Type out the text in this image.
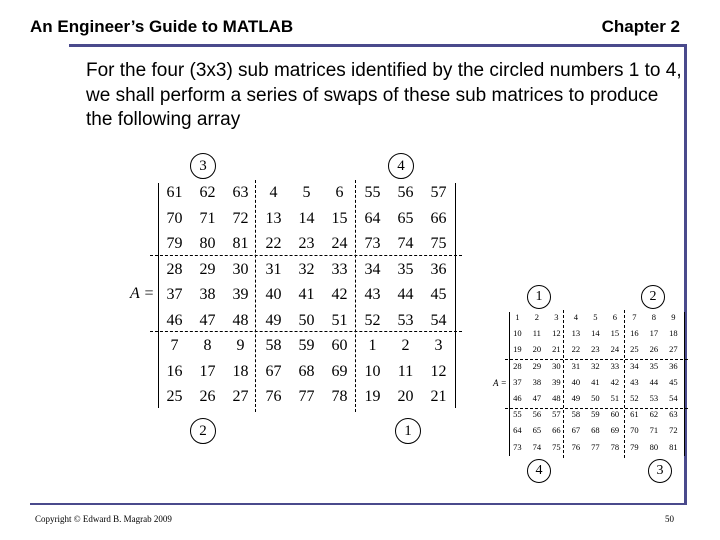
An Engineer’s Guide to MATLAB	Chapter 2
For the four (3x3) sub matrices identified by the circled numbers 1 to 4, we shall perform a series of swaps of these sub matrices to produce the following array
3	4
2	1
A =
61	62	63	4	5	6	55	56	57
70	71	72	13	14	15	64	65	66
79	80	81	22	23	24	73	74	75
28	29	30	31	32	33	34	35	36
37	38	39	40	41	42	43	44	45
46	47	48	49	50	51	52	53	54
7	8	9	58	59	60	1	2	3
16	17	18	67	68	69	10	11	12
25	26	27	76	77	78	19	20	21
1	2
4	3
A =
1	2	3	4	5	6	7	8	9
10	11	12	13	14	15	16	17	18
19	20	21	22	23	24	25	26	27
28	29	30	31	32	33	34	35	36
37	38	39	40	41	42	43	44	45
46	47	48	49	50	51	52	53	54
55	56	57	58	59	60	61	62	63
64	65	66	67	68	69	70	71	72
73	74	75	76	77	78	79	80	81
Copyright © Edward B. Magrab 2009	50
